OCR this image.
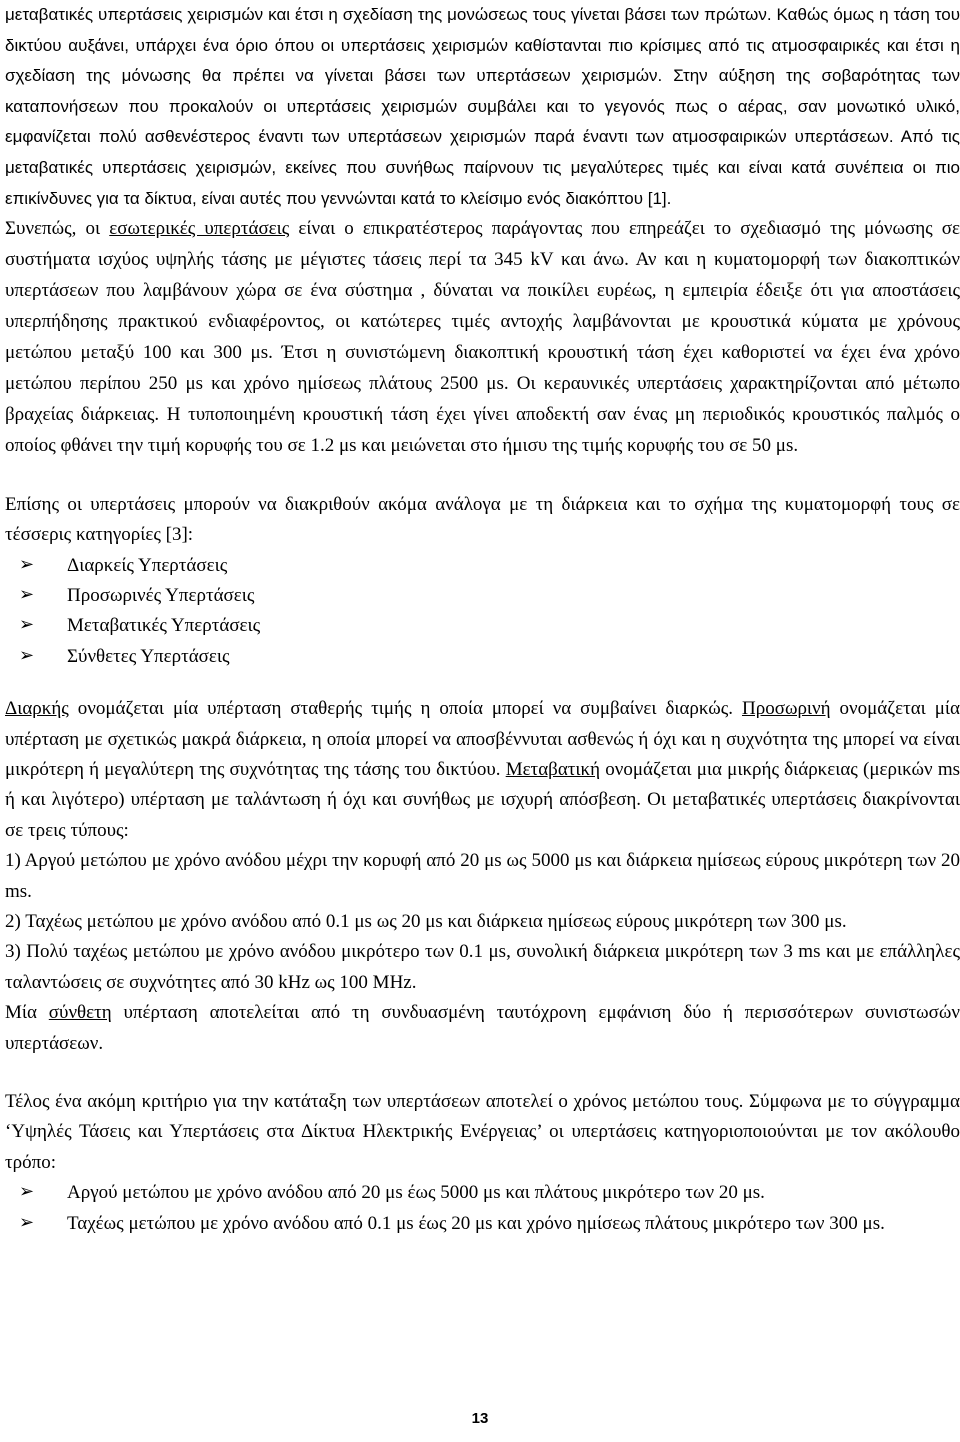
μεταβατικές υπερτάσεις χειρισμών και έτσι η σχεδίαση της μονώσεως τους γίνεται βάσει των πρώτων. Καθώς όμως η τάση του δικτύου αυξάνει, υπάρχει ένα όριο όπου οι υπερτάσεις χειρισμών καθίστανται πιο κρίσιμες από τις ατμοσφαιρικές και έτσι η σχεδίαση της μόνωσης θα πρέπει να γίνεται βάσει των υπερτάσεων χειρισμών. Στην αύξηση της σοβαρότητας των καταπονήσεων που προκαλούν οι υπερτάσεις χειρισμών συμβάλει και το γεγονός πως ο αέρας, σαν μονωτικό υλικό, εμφανίζεται πολύ ασθενέστερος έναντι των υπερτάσεων χειρισμών παρά έναντι των ατμοσφαιρικών υπερτάσεων. Από τις μεταβατικές υπερτάσεις χειρισμών, εκείνες που συνήθως παίρνουν τις μεγαλύτερες τιμές και είναι κατά συνέπεια οι πιο επικίνδυνες για τα δίκτυα, είναι αυτές που γεννώνται κατά το κλείσιμο ενός διακόπτου [1].

Συνεπώς, οι εσωτερικές υπερτάσεις είναι ο επικρατέστερος παράγοντας που επηρεάζει το σχεδιασμό της μόνωσης σε συστήματα ισχύος υψηλής τάσης με μέγιστες τάσεις περί τα 345 kV και άνω. Αν και η κυματομορφή των διακοπτικών υπερτάσεων που λαμβάνουν χώρα σε ένα σύστημα , δύναται να ποικίλει ευρέως, η εμπειρία έδειξε ότι για αποστάσεις υπερπήδησης πρακτικού ενδιαφέροντος, οι κατώτερες τιμές αντοχής λαμβάνονται με κρουστικά κύματα με χρόνους μετώπου μεταξύ 100 και 300 μs. Έτσι η συνιστώμενη διακοπτική κρουστική τάση έχει καθοριστεί να έχει ένα χρόνο μετώπου περίπου 250 μs και χρόνο ημίσεως πλάτους 2500 μs. Οι κεραυνικές υπερτάσεις χαρακτηρίζονται από μέτωπο βραχείας διάρκειας. Η τυποποιημένη κρουστική τάση έχει γίνει αποδεκτή σαν ένας μη περιοδικός κρουστικός παλμός ο οποίος φθάνει την τιμή κορυφής του σε 1.2 μs και μειώνεται στο ήμισυ της τιμής κορυφής του σε 50 μs.

Επίσης οι υπερτάσεις μπορούν να διακριθούν ακόμα ανάλογα με τη διάρκεια και το σχήμα της κυματομορφή τους σε τέσσερις κατηγορίες [3]:

➢ Διαρκείς Υπερτάσεις
➢ Προσωρινές Υπερτάσεις
➢ Μεταβατικές Υπερτάσεις
➢ Σύνθετες Υπερτάσεις

Διαρκής ονομάζεται μία υπέρταση σταθερής τιμής η οποία μπορεί να συμβαίνει διαρκώς. Προσωρινή ονομάζεται μία υπέρταση με σχετικώς μακρά διάρκεια, η οποία μπορεί να αποσβέννυται ασθενώς ή όχι και η συχνότητα της μπορεί να είναι μικρότερη ή μεγαλύτερη της συχνότητας της τάσης του δικτύου. Μεταβατική ονομάζεται μια μικρής διάρκειας (μερικών ms ή και λιγότερο) υπέρταση με ταλάντωση ή όχι και συνήθως με ισχυρή απόσβεση. Οι μεταβατικές υπερτάσεις διακρίνονται σε τρεις τύπους:

1) Αργού μετώπου με χρόνο ανόδου μέχρι την κορυφή από 20 μs ως 5000 μs και διάρκεια ημίσεως εύρους μικρότερη των 20 ms.

2) Ταχέως μετώπου με χρόνο ανόδου από 0.1 μs ως 20 μs και διάρκεια ημίσεως εύρους μικρότερη των 300 μs.

3) Πολύ ταχέως μετώπου με χρόνο ανόδου μικρότερο των 0.1 μs, συνολική διάρκεια μικρότερη των 3 ms και με επάλληλες ταλαντώσεις σε συχνότητες από 30 kHz ως 100 MHz.

Μία σύνθετη υπέρταση αποτελείται από τη συνδυασμένη ταυτόχρονη εμφάνιση δύο ή περισσότερων συνιστωσών υπερτάσεων.

Τέλος ένα ακόμη κριτήριο για την κατάταξη των υπερτάσεων αποτελεί ο χρόνος μετώπου τους. Σύμφωνα με το σύγγραμμα ‘Υψηλές Τάσεις και Υπερτάσεις στα Δίκτυα Ηλεκτρικής Ενέργειας’ οι υπερτάσεις κατηγοριοποιούνται με τον ακόλουθο τρόπο:

➢ Αργού μετώπου με χρόνο ανόδου από 20 μs έως 5000 μs και πλάτους μικρότερο των 20 μs.
➢ Ταχέως μετώπου με χρόνο ανόδου από 0.1 μs έως 20 μs και χρόνο ημίσεως πλάτους μικρότερο των 300 μs.
13
